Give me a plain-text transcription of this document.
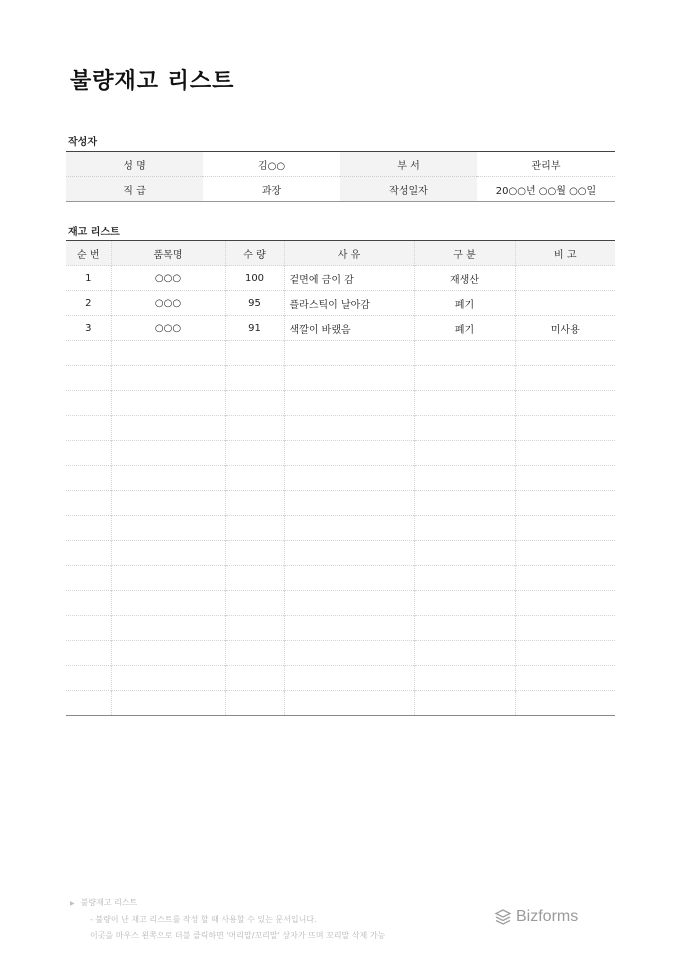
불량재고 리스트
작성자
성 명	김○○	부 서	관리부
직 급	과장	작성일자	20○○년 ○○월 ○○일
재고 리스트
순 번	품목명	수 량	사 유	구 분	비 고
1	○○○	100	겉면에 금이 감	재생산	
2	○○○	95	플라스틱이 날아감	폐기	
3	○○○	91	색깔이 바랬음	폐기	미사용

▶ 불량재고 리스트
- 불량이 난 재고 리스트를 작성 할 때 사용할 수 있는 문서입니다.
이곳을 마우스 왼쪽으로 더블 클릭하면 '머리말/꼬리말' 상자가 뜨며 꼬리말 삭제 가능
Bizforms
